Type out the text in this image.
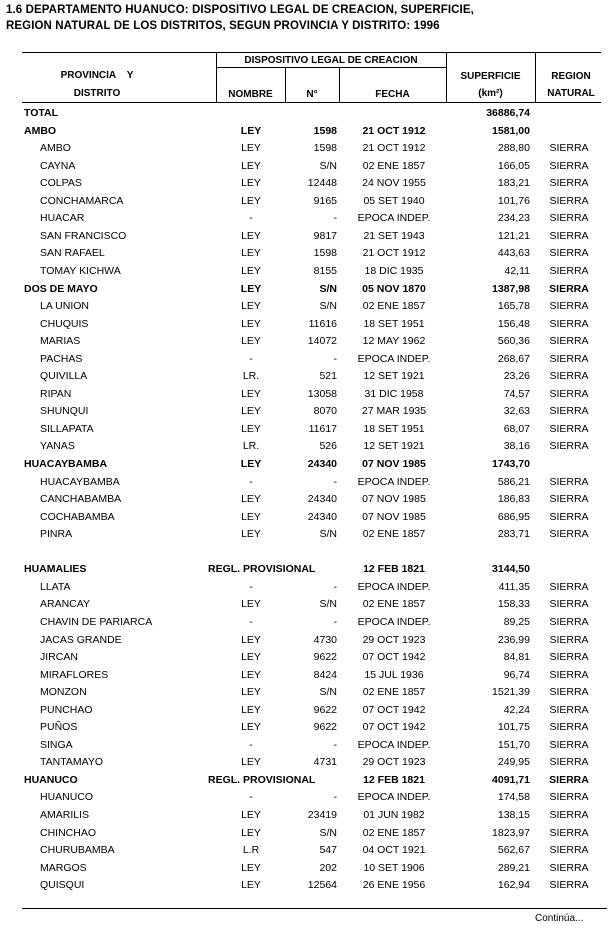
1.6 DEPARTAMENTO HUANUCO: DISPOSITIVO LEGAL DE CREACION, SUPERFICIE,
REGION NATURAL DE LOS DISTRITOS, SEGUN PROVINCIA Y DISTRITO: 1996
PROVINCIA    Y
DISTRITO
DISPOSITIVO LEGAL DE CREACION
NOMBRE	N°	FECHA
SUPERFICIE
(km²)
REGION
NATURAL
TOTAL	36886,74
AMBO	LEY	1598	21 OCT 1912	1581,00
AMBO	LEY	1598	21 OCT 1912	288,80	SIERRA
CAYNA	LEY	S/N	02 ENE 1857	166,05	SIERRA
COLPAS	LEY	12448	24 NOV 1955	183,21	SIERRA
CONCHAMARCA	LEY	9165	05 SET 1940	101,76	SIERRA
HUACAR	-	-	EPOCA INDEP.	234,23	SIERRA
SAN FRANCISCO	LEY	9817	21 SET 1943	121,21	SIERRA
SAN RAFAEL	LEY	1598	21 OCT 1912	443,63	SIERRA
TOMAY KICHWA	LEY	8155	18 DIC 1935	42,11	SIERRA
DOS DE MAYO	LEY	S/N	05 NOV 1870	1387,98	SIERRA
LA UNION	LEY	S/N	02 ENE 1857	165,78	SIERRA
CHUQUIS	LEY	11616	18 SET 1951	156,48	SIERRA
MARIAS	LEY	14072	12 MAY 1962	560,36	SIERRA
PACHAS	-	-	EPOCA INDEP.	268,67	SIERRA
QUIVILLA	LR.	521	12 SET 1921	23,26	SIERRA
RIPAN	LEY	13058	31 DIC 1958	74,57	SIERRA
SHUNQUI	LEY	8070	27 MAR 1935	32,63	SIERRA
SILLAPATA	LEY	11617	18 SET 1951	68,07	SIERRA
YANAS	LR.	526	12 SET 1921	38,16	SIERRA
HUACAYBAMBA	LEY	24340	07 NOV 1985	1743,70
HUACAYBAMBA	-	-	EPOCA INDEP.	586,21	SIERRA
CANCHABAMBA	LEY	24340	07 NOV 1985	186,83	SIERRA
COCHABAMBA	LEY	24340	07 NOV 1985	686,95	SIERRA
PINRA	LEY	S/N	02 ENE 1857	283,71	SIERRA
HUAMALIES	REGL. PROVISIONAL	12 FEB 1821	3144,50
LLATA	-	-	EPOCA INDEP.	411,35	SIERRA
ARANCAY	LEY	S/N	02 ENE 1857	158,33	SIERRA
CHAVIN DE PARIARCA	-	-	EPOCA INDEP.	89,25	SIERRA
JACAS GRANDE	LEY	4730	29 OCT 1923	236,99	SIERRA
JIRCAN	LEY	9622	07 OCT 1942	84,81	SIERRA
MIRAFLORES	LEY	8424	15 JUL 1936	96,74	SIERRA
MONZON	LEY	S/N	02 ENE 1857	1521,39	SIERRA
PUNCHAO	LEY	9622	07 OCT 1942	42,24	SIERRA
PUÑOS	LEY	9622	07 OCT 1942	101,75	SIERRA
SINGA	-	-	EPOCA INDEP.	151,70	SIERRA
TANTAMAYO	LEY	4731	29 OCT 1923	249,95	SIERRA
HUANUCO	REGL. PROVISIONAL	12 FEB 1821	4091,71	SIERRA
HUANUCO	-	-	EPOCA INDEP.	174,58	SIERRA
AMARILIS	LEY	23419	01 JUN 1982	138,15	SIERRA
CHINCHAO	LEY	S/N	02 ENE 1857	1823,97	SIERRA
CHURUBAMBA	L.R	547	04 OCT 1921	562,67	SIERRA
MARGOS	LEY	202	10 SET 1906	289,21	SIERRA
QUISQUI	LEY	12564	26 ENE 1956	162,94	SIERRA
Continúa...
